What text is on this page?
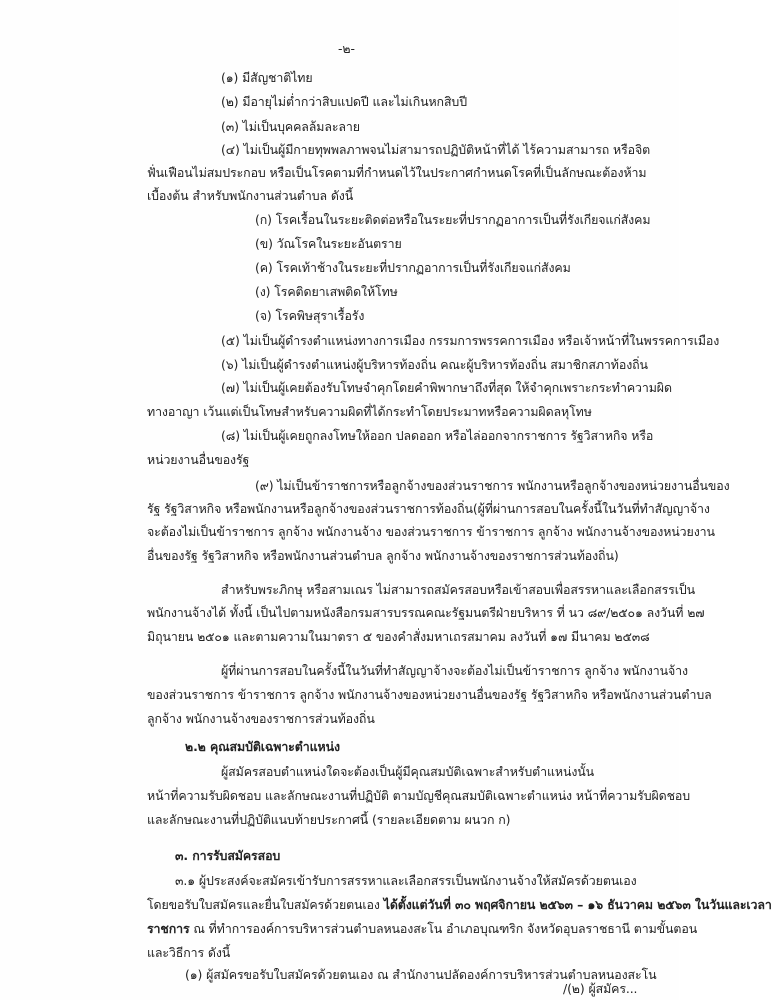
-๒-
(๑) มีสัญชาติไทย
(๒) มีอายุไม่ต่ำกว่าสิบแปดปี และไม่เกินหกสิบปี
(๓) ไม่เป็นบุคคลล้มละลาย
(๔) ไม่เป็นผู้มีกายทุพพลภาพจนไม่สามารถปฏิบัติหน้าที่ได้ ไร้ความสามารถ หรือจิต
ฟั่นเฟือนไม่สมประกอบ หรือเป็นโรคตามที่กำหนดไว้ในประกาศกำหนดโรคที่เป็นลักษณะต้องห้าม
เบื้องต้น สำหรับพนักงานส่วนตำบล ดังนี้
(ก) โรคเรื้อนในระยะติดต่อหรือในระยะที่ปรากฏอาการเป็นที่รังเกียจแก่สังคม
(ข) วัณโรคในระยะอันตราย
(ค) โรคเท้าช้างในระยะที่ปรากฏอาการเป็นที่รังเกียจแก่สังคม
(ง) โรคติดยาเสพติดให้โทษ
(จ) โรคพิษสุราเรื้อรัง
(๕) ไม่เป็นผู้ดำรงตำแหน่งทางการเมือง กรรมการพรรคการเมือง หรือเจ้าหน้าที่ในพรรคการเมือง
(๖) ไม่เป็นผู้ดำรงตำแหน่งผู้บริหารท้องถิ่น คณะผู้บริหารท้องถิ่น สมาชิกสภาท้องถิ่น
(๗) ไม่เป็นผู้เคยต้องรับโทษจำคุกโดยคำพิพากษาถึงที่สุด ให้จำคุกเพราะกระทำความผิด
ทางอาญา เว้นแต่เป็นโทษสำหรับความผิดที่ได้กระทำโดยประมาทหรือความผิดลหุโทษ
(๘) ไม่เป็นผู้เคยถูกลงโทษให้ออก ปลดออก หรือไล่ออกจากราชการ รัฐวิสาหกิจ หรือ
หน่วยงานอื่นของรัฐ
(๙) ไม่เป็นข้าราชการหรือลูกจ้างของส่วนราชการ พนักงานหรือลูกจ้างของหน่วยงานอื่นของ
รัฐ รัฐวิสาหกิจ หรือพนักงานหรือลูกจ้างของส่วนราชการท้องถิ่น(ผู้ที่ผ่านการสอบในครั้งนี้ในวันที่ทำสัญญาจ้าง
จะต้องไม่เป็นข้าราชการ ลูกจ้าง พนักงานจ้าง ของส่วนราชการ ข้าราชการ ลูกจ้าง พนักงานจ้างของหน่วยงาน
อื่นของรัฐ รัฐวิสาหกิจ หรือพนักงานส่วนตำบล ลูกจ้าง พนักงานจ้างของราชการส่วนท้องถิ่น)
สำหรับพระภิกษุ หรือสามเณร ไม่สามารถสมัครสอบหรือเข้าสอบเพื่อสรรหาและเลือกสรรเป็น
พนักงานจ้างได้ ทั้งนี้ เป็นไปตามหนังสือกรมสารบรรณคณะรัฐมนตรีฝ่ายบริหาร ที่ นว ๘๙/๒๕๐๑ ลงวันที่ ๒๗
มิถุนายน ๒๕๐๑ และตามความในมาตรา ๕ ของคำสั่งมหาเถรสมาคม ลงวันที่ ๑๗ มีนาคม ๒๕๓๘
ผู้ที่ผ่านการสอบในครั้งนี้ในวันที่ทำสัญญาจ้างจะต้องไม่เป็นข้าราชการ ลูกจ้าง พนักงานจ้าง
ของส่วนราชการ ข้าราชการ ลูกจ้าง พนักงานจ้างของหน่วยงานอื่นของรัฐ รัฐวิสาหกิจ หรือพนักงานส่วนตำบล
ลูกจ้าง พนักงานจ้างของราชการส่วนท้องถิ่น
๒.๒ คุณสมบัติเฉพาะตำแหน่ง
ผู้สมัครสอบตำแหน่งใดจะต้องเป็นผู้มีคุณสมบัติเฉพาะสำหรับตำแหน่งนั้น
หน้าที่ความรับผิดชอบ และลักษณะงานที่ปฏิบัติ ตามบัญชีคุณสมบัติเฉพาะตำแหน่ง หน้าที่ความรับผิดชอบ
และลักษณะงานที่ปฏิบัติแนบท้ายประกาศนี้ (รายละเอียดตาม ผนวก ก)
๓. การรับสมัครสอบ
๓.๑ ผู้ประสงค์จะสมัครเข้ารับการสรรหาและเลือกสรรเป็นพนักงานจ้างให้สมัครด้วยตนเอง
โดยขอรับใบสมัครและยื่นใบสมัครด้วยตนเอง ได้ตั้งแต่วันที่ ๓๐ พฤศจิกายน ๒๕๖๓ – ๑๖ ธันวาคม ๒๕๖๓ ในวันและเวลา
ราชการ ณ ที่ทำการองค์การบริหารส่วนตำบลหนองสะโน อำเภอบุณฑริก จังหวัดอุบลราชธานี ตามขั้นตอน
และวิธีการ ดังนี้
(๑) ผู้สมัครขอรับใบสมัครด้วยตนเอง ณ สำนักงานปลัดองค์การบริหารส่วนตำบลหนองสะโน
/(๒) ผู้สมัคร...
